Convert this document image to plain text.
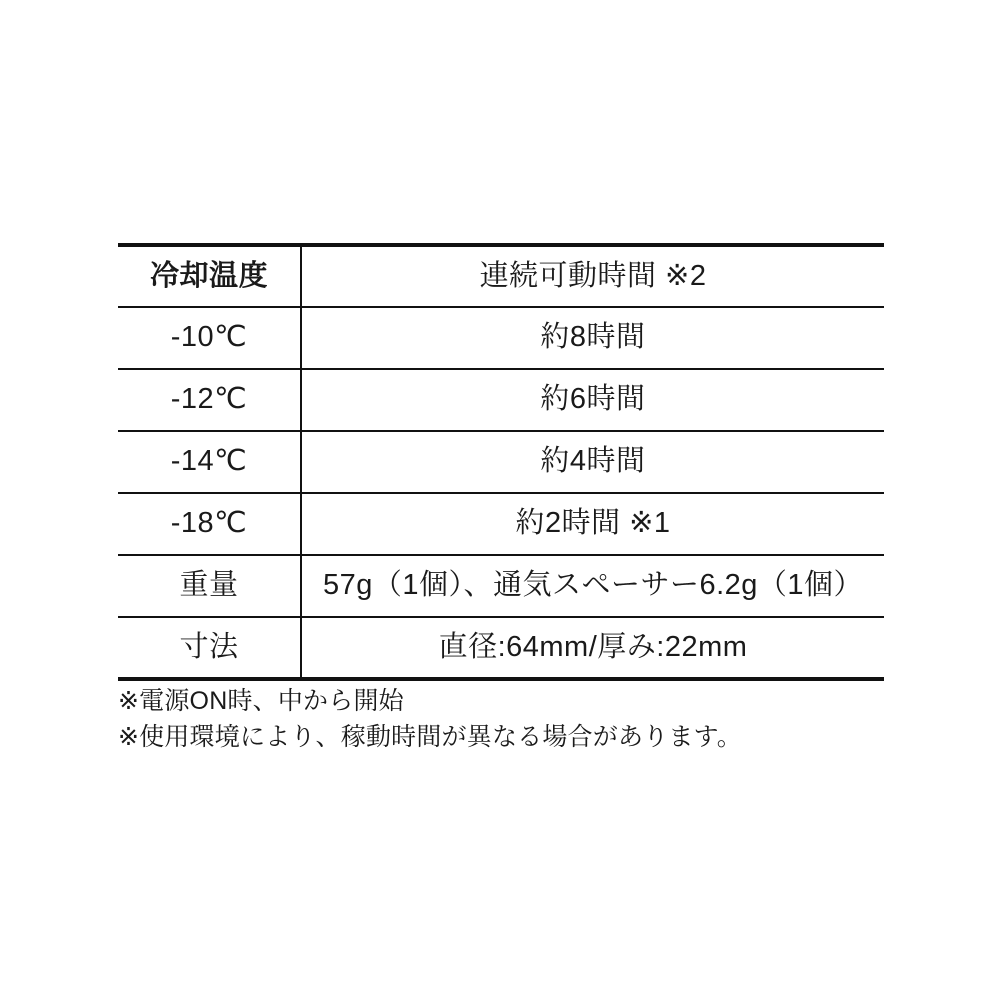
冷却温度	連続可動時間 ※2
-10℃	約8時間
-12℃	約6時間
-14℃	約4時間
-18℃	約2時間 ※1
重量	57g（1個）、通気スペーサー6.2g（1個）
寸法	直径:64mm/厚み:22mm
※電源ON時、中から開始
※使用環境により、稼動時間が異なる場合があります。
